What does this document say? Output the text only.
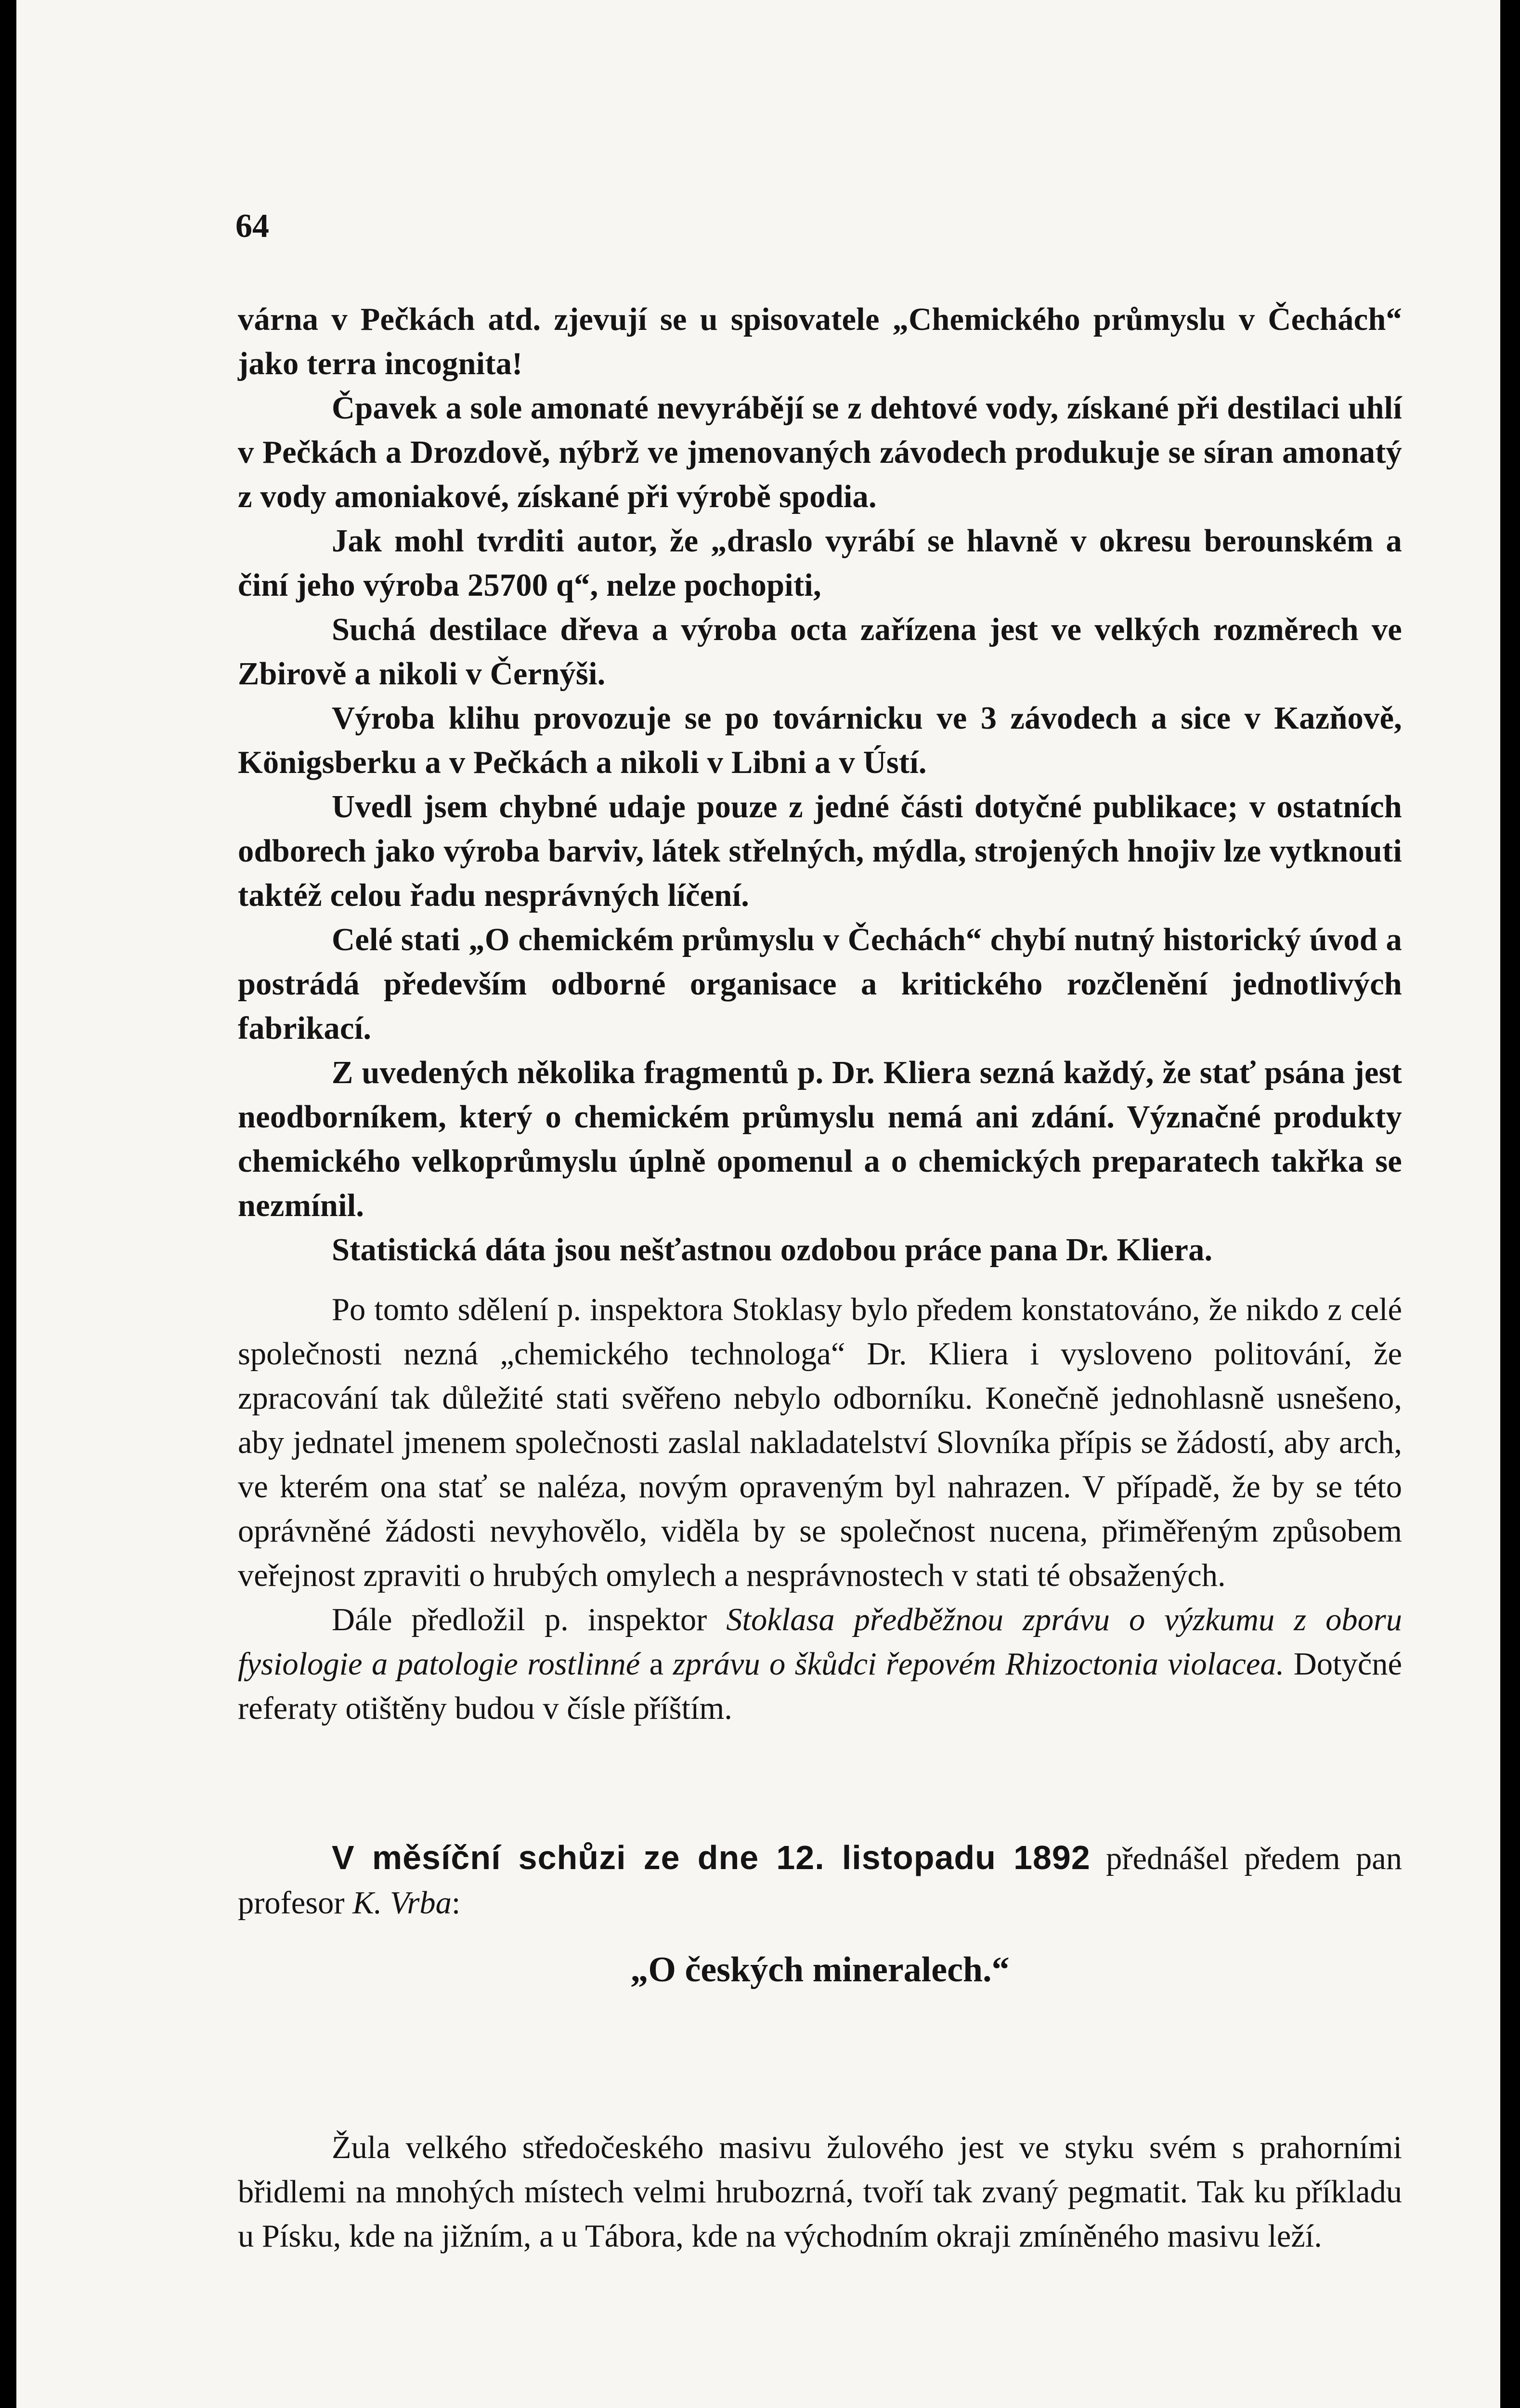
64

várna v Pečkách atd. zjevují se u spisovatele „Chemického průmyslu v Čechách“ jako terra incognita!

Čpavek a sole amonaté nevyrábějí se z dehtové vody, získané při destilaci uhlí v Pečkách a Drozdově, nýbrž ve jmenovaných závodech produkuje se síran amonatý z vody amoniakové, získané při výrobě spodia.

Jak mohl tvrditi autor, že „draslo vyrábí se hlavně v okresu berounském a činí jeho výroba 25700 q“, nelze pochopiti,

Suchá destilace dřeva a výroba octa zařízena jest ve velkých rozměrech ve Zbirově a nikoli v Černýši.

Výroba klihu provozuje se po továrnicku ve 3 závodech a sice v Kazňově, Königsberku a v Pečkách a nikoli v Libni a v Ústí.

Uvedl jsem chybné udaje pouze z jedné části dotyčné publikace; v ostatních odborech jako výroba barviv, látek střelných, mýdla, strojených hnojiv lze vytknouti taktéž celou řadu nesprávných líčení.

Celé stati „O chemickém průmyslu v Čechách“ chybí nutný historický úvod a postrádá především odborné organisace a kritického rozčlenění jednotlivých fabrikací.

Z uvedených několika fragmentů p. Dr. Kliera sezná každý, že stať psána jest neodborníkem, který o chemickém průmyslu nemá ani zdání. Význačné produkty chemického velkoprůmyslu úplně opomenul a o chemických preparatech takřka se nezmínil.

Statistická dáta jsou nešťastnou ozdobou práce pana Dr. Kliera.

Po tomto sdělení p. inspektora Stoklasy bylo předem konstatováno, že nikdo z celé společnosti nezná „chemického technologa“ Dr. Kliera i vysloveno politování, že zpracování tak důležité stati svěřeno nebylo odborníku. Konečně jednohlasně usnešeno, aby jednatel jmenem společnosti zaslal nakladatelství Slovníka přípis se žádostí, aby arch, ve kterém ona stať se naléza, novým opraveným byl nahrazen. V případě, že by se této oprávněné žádosti nevyhovělo, viděla by se společnost nucena, přiměřeným způsobem veřejnost zpraviti o hrubých omylech a nesprávnostech v stati té obsažených.

Dále předložil p. inspektor Stoklasa předběžnou zprávu o výzkumu z oboru fysiologie a patologie rostlinné a zprávu o škůdci řepovém Rhizoctonia violacea. Dotyčné referaty otištěny budou v čísle příštím.

V měsíční schůzi ze dne 12. listopadu 1892 přednášel předem pan profesor K. Vrba:

„O českých mineralech.“

Žula velkého středočeského masivu žulového jest ve styku svém s prahorními břidlemi na mnohých místech velmi hrubozrná, tvoří tak zvaný pegmatit. Tak ku příkladu u Písku, kde na jižním, a u Tábora, kde na východním okraji zmíněného masivu leží.
